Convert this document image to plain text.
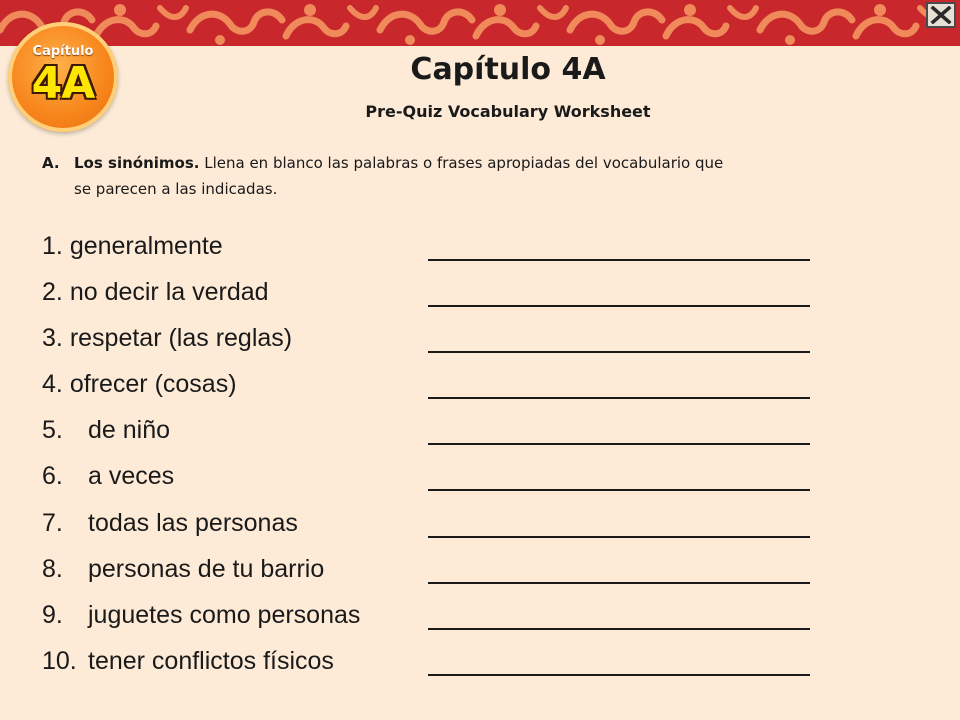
Capítulo
4A	Capítulo 4A
Pre-Quiz Vocabulary Worksheet
A. Los sinónimos. Llena en blanco las palabras o frases apropiadas del vocabulario que
se parecen a las indicadas.
1. generalmente
2. no decir la verdad
3. respetar (las reglas)
4. ofrecer (cosas)
5. de niño
6. a veces
7. todas las personas
8. personas de tu barrio
9. juguetes como personas
10. tener conflictos físicos
